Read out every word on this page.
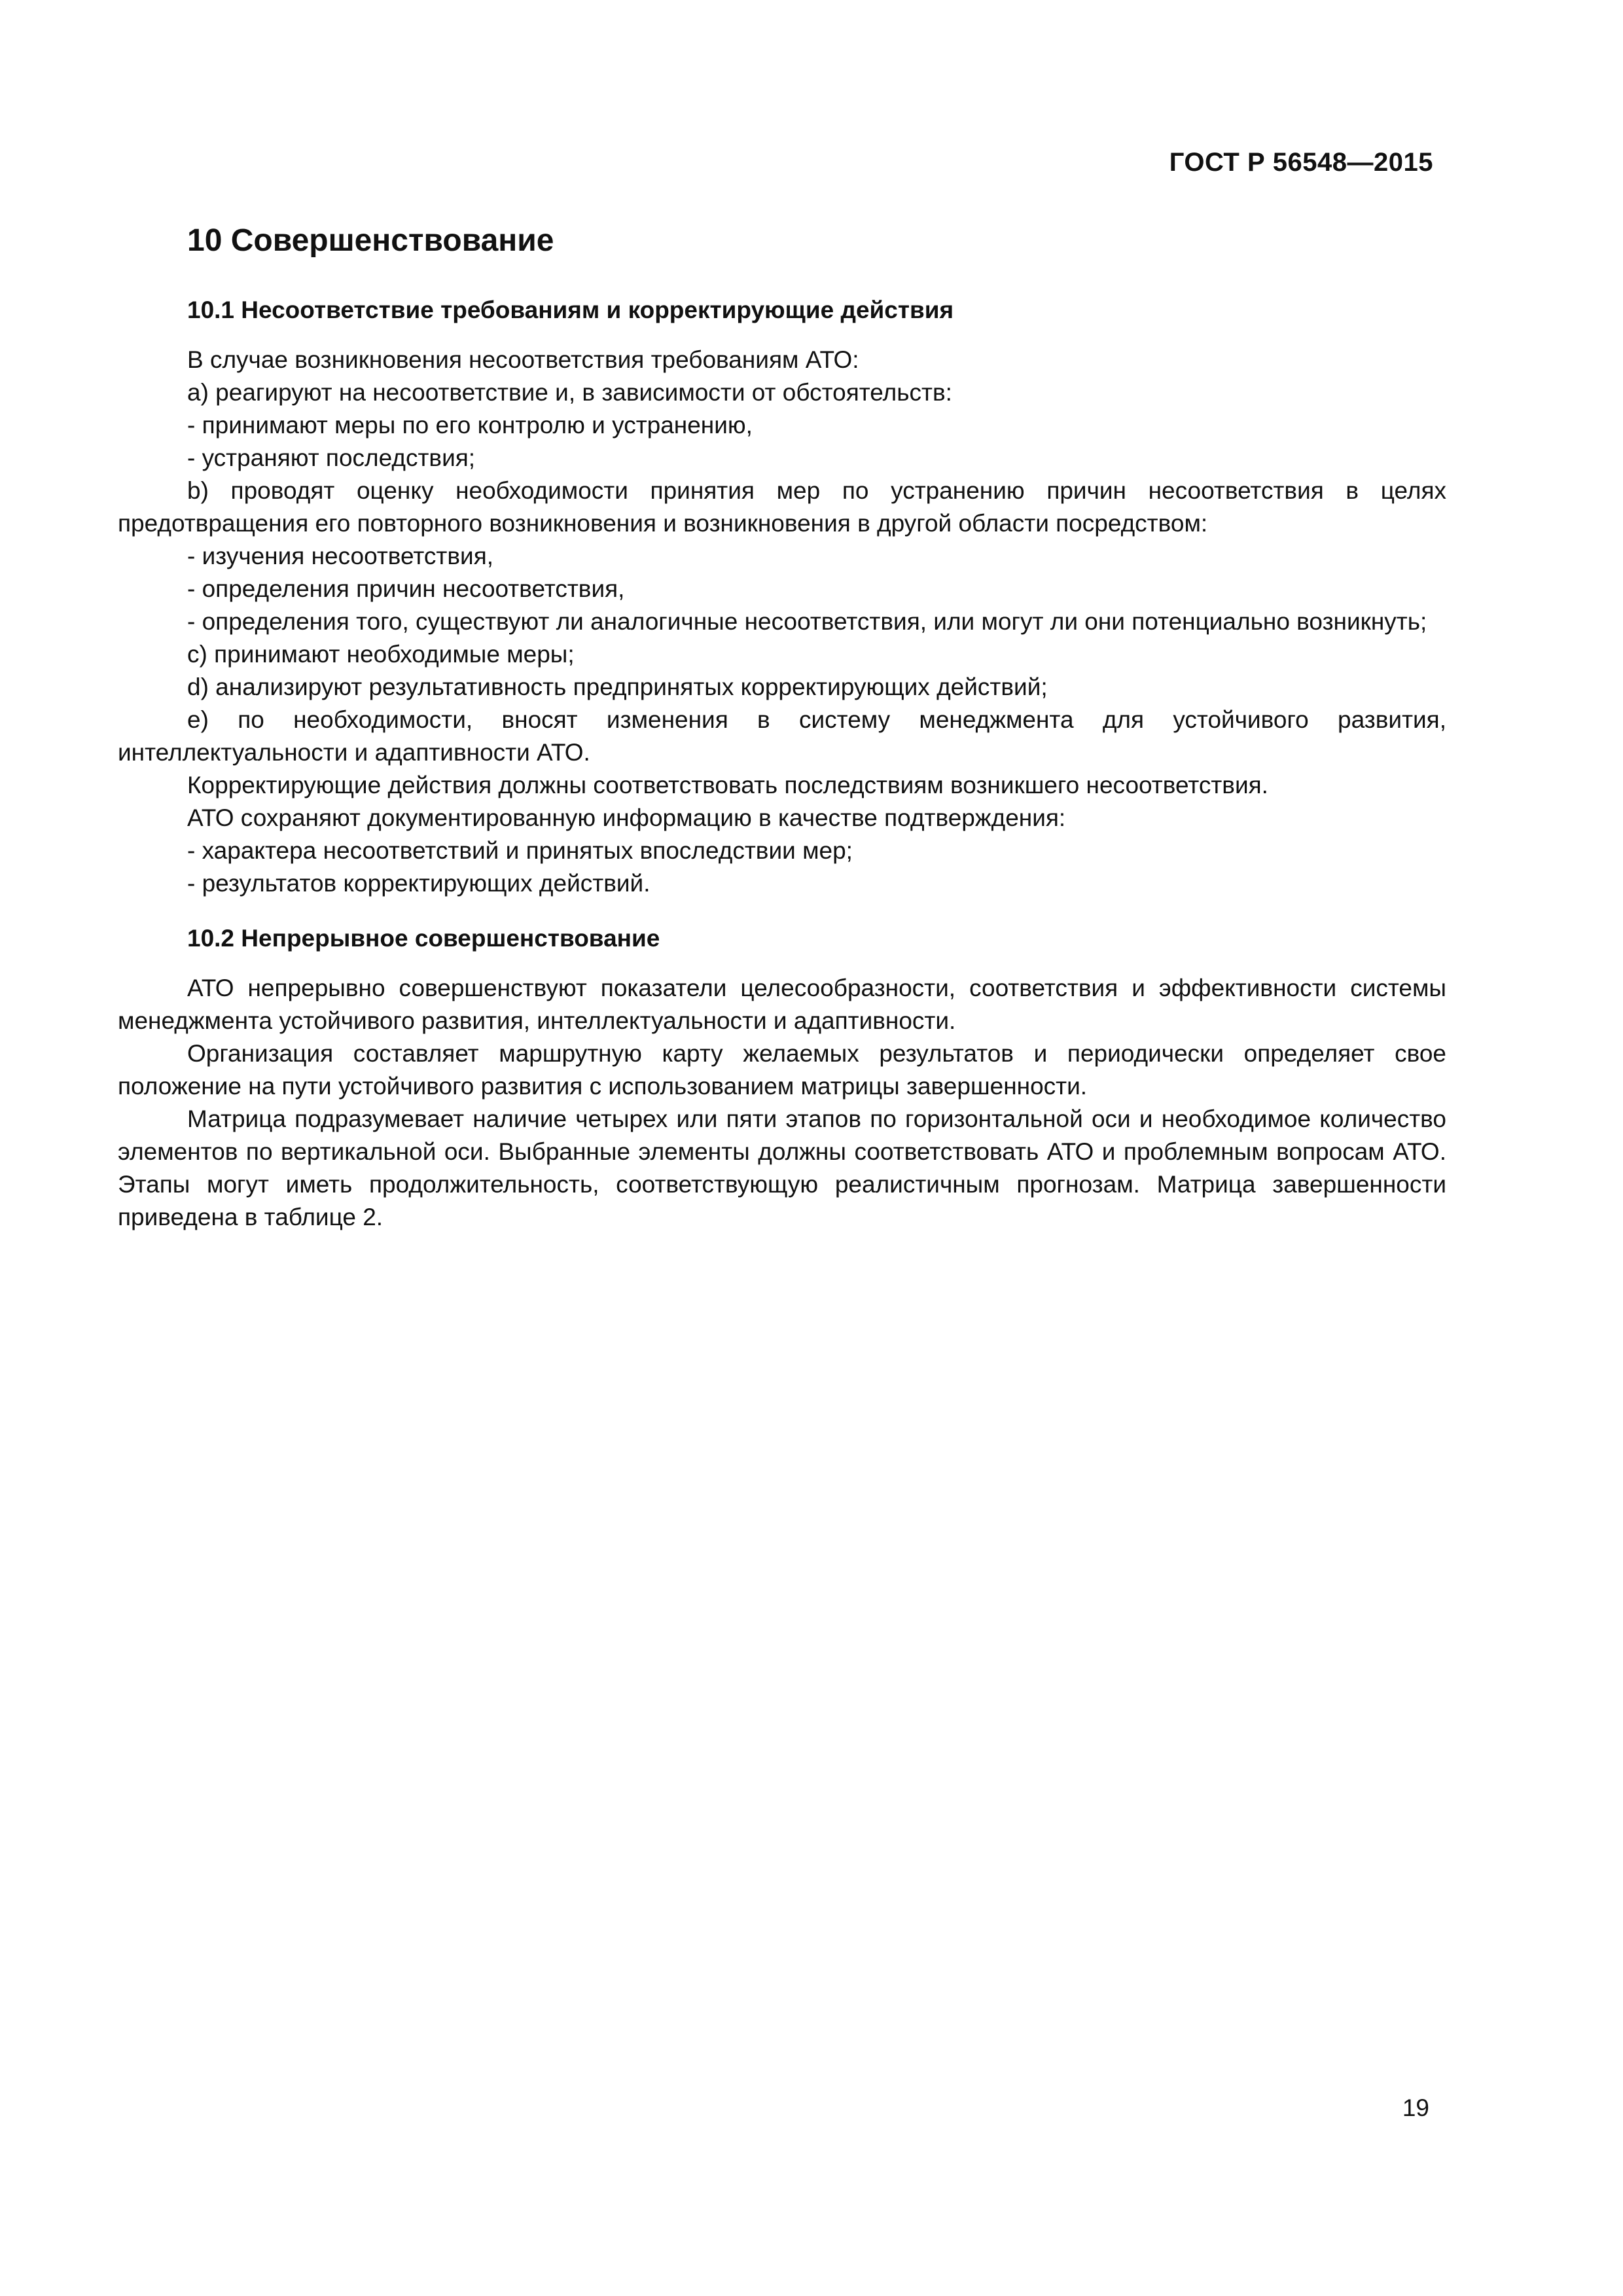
ГОСТ Р 56548—2015
10 Совершенствование
10.1 Несоответствие требованиям и корректирующие действия

В случае возникновения несоответствия требованиям АТО:

а) реагируют на несоответствие и, в зависимости от обстоятельств:

- принимают меры по его контролю и устранению,

- устраняют последствия;

b) проводят оценку необходимости принятия мер по устранению причин несоответствия в целях предотвращения его повторного возникновения и возникновения в другой области посредством:

- изучения несоответствия,

- определения причин несоответствия,

- определения того, существуют ли аналогичные несоответствия, или могут ли они потенциально возникнуть;

с) принимают необходимые меры;

d) анализируют результативность предпринятых корректирующих действий;

е) по необходимости, вносят изменения в систему менеджмента для устойчивого развития, интеллектуальности и адаптивности АТО.

Корректирующие действия должны соответствовать последствиям возникшего несоответствия.

АТО сохраняют документированную информацию в качестве подтверждения:

- характера несоответствий и принятых впоследствии мер;

- результатов корректирующих действий.

10.2 Непрерывное совершенствование

АТО непрерывно совершенствуют показатели целесообразности, соответствия и эффективности системы менеджмента устойчивого развития, интеллектуальности и адаптивности.

Организация составляет маршрутную карту желаемых результатов и периодически определяет свое положение на пути устойчивого развития с использованием матрицы завершенности.

Матрица подразумевает наличие четырех или пяти этапов по горизонтальной оси и необходимое количество элементов по вертикальной оси. Выбранные элементы должны соответствовать АТО и проблемным вопросам АТО. Этапы могут иметь продолжительность, соответствующую реалистичным прогнозам. Матрица завершенности приведена в таблице 2.

19
